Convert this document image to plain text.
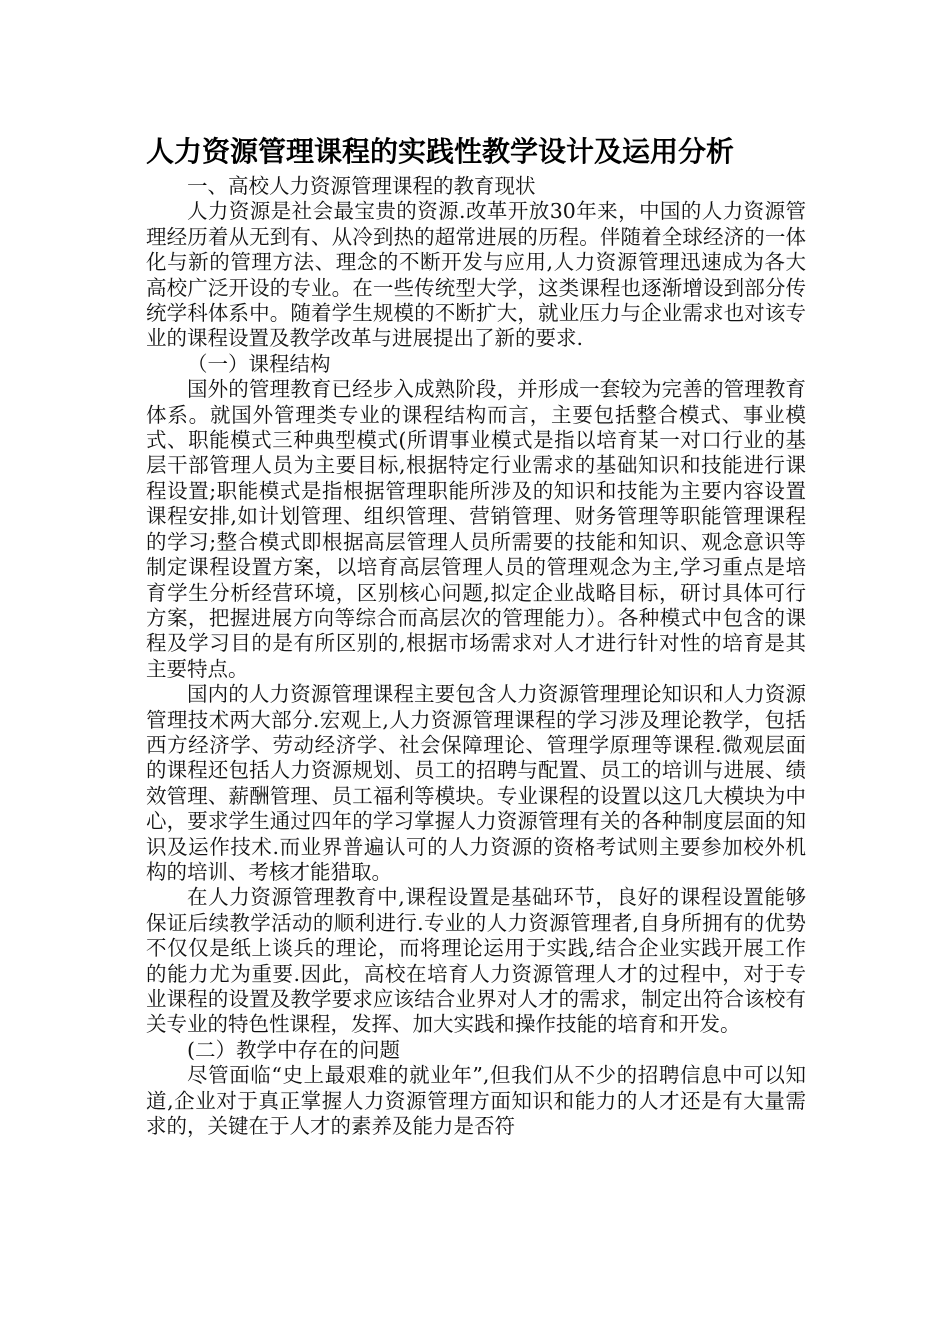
人力资源管理课程的实践性教学设计及运用分析

一、高校人力资源管理课程的教育现状

人力资源是社会最宝贵的资源.改革开放30年来，中国的人力资源管理经历着从无到有、从冷到热的超常进展的历程。伴随着全球经济的一体化与新的管理方法、理念的不断开发与应用,人力资源管理迅速成为各大高校广泛开设的专业。在一些传统型大学，这类课程也逐渐增设到部分传统学科体系中。随着学生规模的不断扩大，就业压力与企业需求也对该专业的课程设置及教学改革与进展提出了新的要求.

（一）课程结构

国外的管理教育已经步入成熟阶段，并形成一套较为完善的管理教育体系。就国外管理类专业的课程结构而言，主要包括整合模式、事业模式、职能模式三种典型模式(所谓事业模式是指以培育某一对口行业的基层干部管理人员为主要目标,根据特定行业需求的基础知识和技能进行课程设置;职能模式是指根据管理职能所涉及的知识和技能为主要内容设置课程安排,如计划管理、组织管理、营销管理、财务管理等职能管理课程的学习;整合模式即根据高层管理人员所需要的技能和知识、观念意识等制定课程设置方案，以培育高层管理人员的管理观念为主,学习重点是培育学生分析经营环境，区别核心问题,拟定企业战略目标，研讨具体可行方案，把握进展方向等综合而高层次的管理能力）。各种模式中包含的课程及学习目的是有所区别的,根据市场需求对人才进行针对性的培育是其主要特点。

国内的人力资源管理课程主要包含人力资源管理理论知识和人力资源管理技术两大部分.宏观上,人力资源管理课程的学习涉及理论教学，包括西方经济学、劳动经济学、社会保障理论、管理学原理等课程.微观层面的课程还包括人力资源规划、员工的招聘与配置、员工的培训与进展、绩效管理、薪酬管理、员工福利等模块。专业课程的设置以这几大模块为中心，要求学生通过四年的学习掌握人力资源管理有关的各种制度层面的知识及运作技术.而业界普遍认可的人力资源的资格考试则主要参加校外机构的培训、考核才能猎取。

在人力资源管理教育中,课程设置是基础环节，良好的课程设置能够保证后续教学活动的顺利进行.专业的人力资源管理者,自身所拥有的优势不仅仅是纸上谈兵的理论，而将理论运用于实践,结合企业实践开展工作的能力尤为重要.因此，高校在培育人力资源管理人才的过程中，对于专业课程的设置及教学要求应该结合业界对人才的需求，制定出符合该校有关专业的特色性课程，发挥、加大实践和操作技能的培育和开发。

(二）教学中存在的问题

尽管面临“史上最艰难的就业年”,但我们从不少的招聘信息中可以知道,企业对于真正掌握人力资源管理方面知识和能力的人才还是有大量需求的，关键在于人才的素养及能力是否符
